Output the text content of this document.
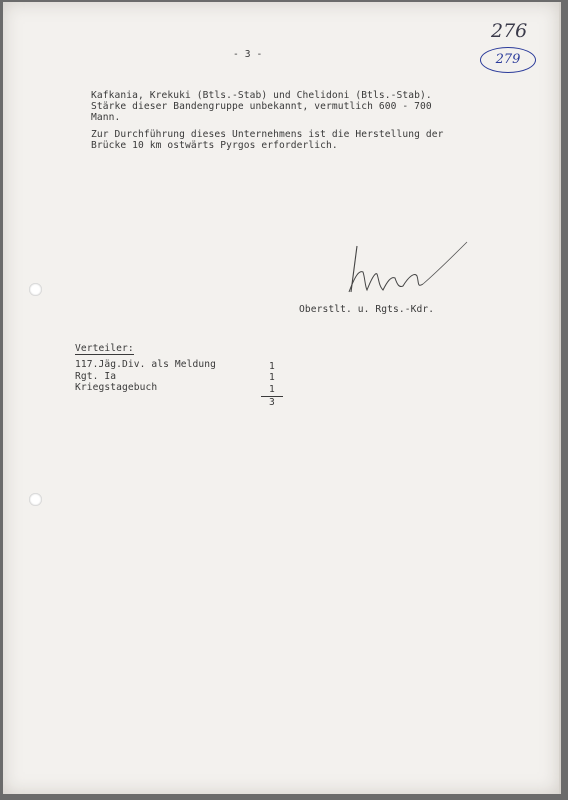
276
279
- 3 -
Kafkania, Krekuki (Btls.-Stab) und Chelidoni (Btls.-Stab).
Stärke dieser Bandengruppe unbekannt, vermutlich 600 - 700
Mann.
Zur Durchführung dieses Unternehmens ist die Herstellung der
Brücke 10 km ostwärts Pyrgos erforderlich.
Oberstlt. u. Rgts.-Kdr.
Verteiler:
117.Jäg.Div. als Meldung	1
Rgt. Ia	1
Kriegstagebuch	1
3
